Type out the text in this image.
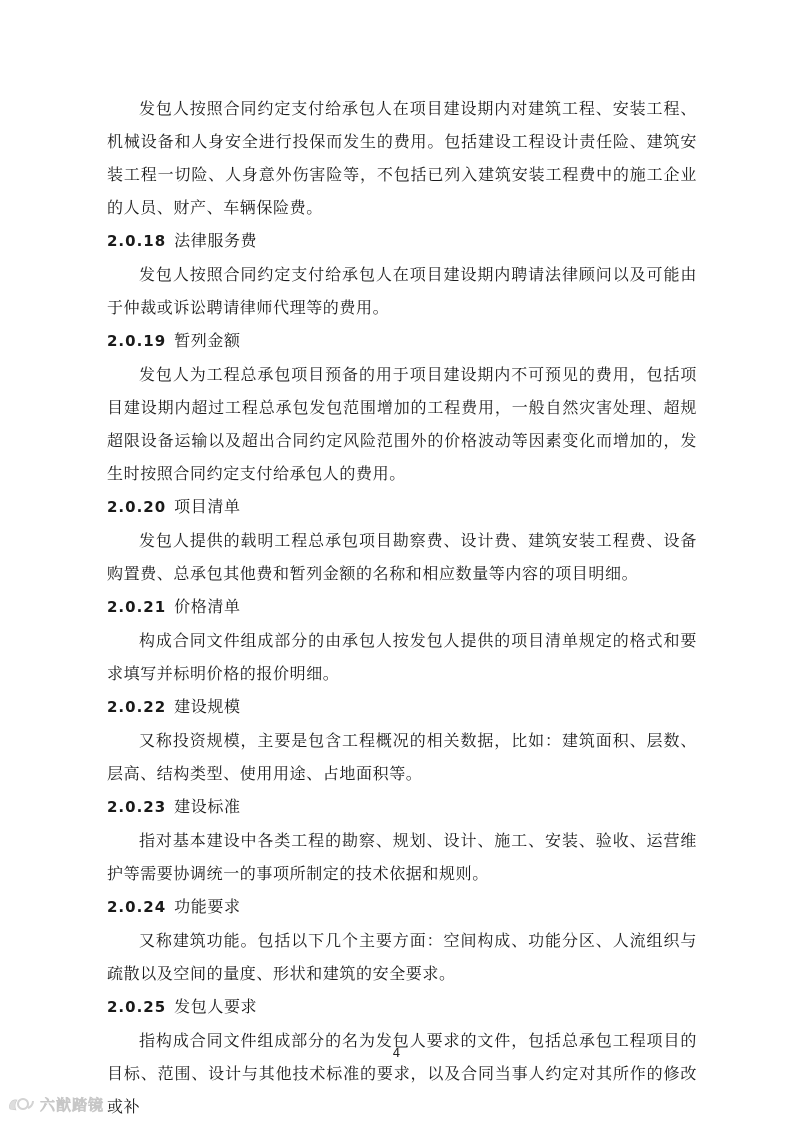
发包人按照合同约定支付给承包人在项目建设期内对建筑工程、安装工程、机械设备和人身安全进行投保而发生的费用。包括建设工程设计责任险、建筑安装工程一切险、人身意外伤害险等，不包括已列入建筑安装工程费中的施工企业的人员、财产、车辆保险费。

2.0.18 法律服务费

发包人按照合同约定支付给承包人在项目建设期内聘请法律顾问以及可能由于仲裁或诉讼聘请律师代理等的费用。

2.0.19 暂列金额

发包人为工程总承包项目预备的用于项目建设期内不可预见的费用，包括项目建设期内超过工程总承包发包范围增加的工程费用，一般自然灾害处理、超规超限设备运输以及超出合同约定风险范围外的价格波动等因素变化而增加的，发生时按照合同约定支付给承包人的费用。

2.0.20 项目清单

发包人提供的载明工程总承包项目勘察费、设计费、建筑安装工程费、设备购置费、总承包其他费和暂列金额的名称和相应数量等内容的项目明细。

2.0.21 价格清单

构成合同文件组成部分的由承包人按发包人提供的项目清单规定的格式和要求填写并标明价格的报价明细。

2.0.22 建设规模

又称投资规模，主要是包含工程概况的相关数据，比如：建筑面积、层数、层高、结构类型、使用用途、占地面积等。

2.0.23 建设标准

指对基本建设中各类工程的勘察、规划、设计、施工、安装、验收、运营维护等需要协调统一的事项所制定的技术依据和规则。

2.0.24 功能要求

又称建筑功能。包括以下几个主要方面：空间构成、功能分区、人流组织与疏散以及空间的量度、形状和建筑的安全要求。

2.0.25 发包人要求

指构成合同文件组成部分的名为发包人要求的文件，包括总承包工程项目的目标、范围、设计与其他技术标准的要求，以及合同当事人约定对其所作的修改或补

4
六猷踏镜
